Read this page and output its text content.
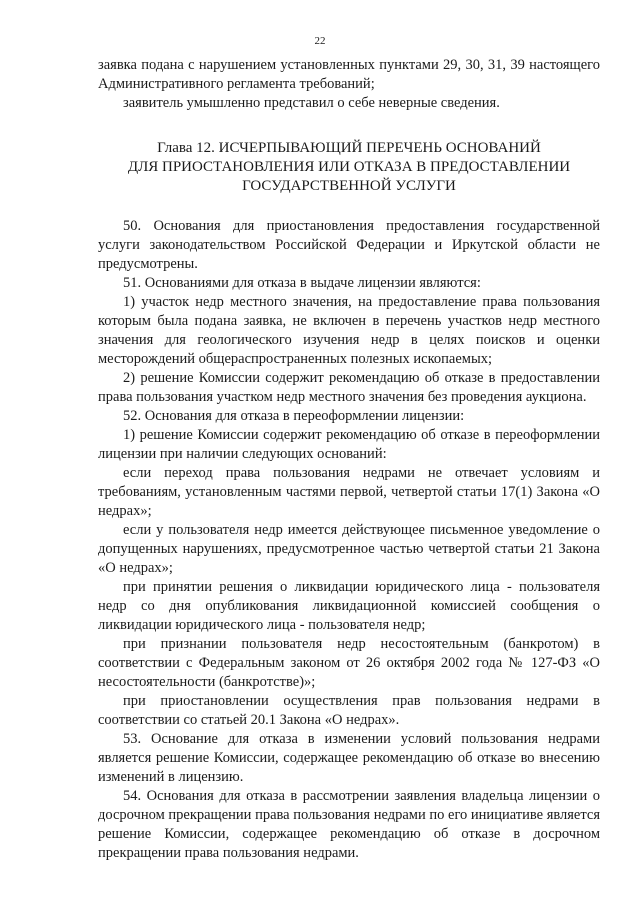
22

заявка подана с нарушением установленных пунктами 29, 30, 31, 39 настоящего Административного регламента требований;

заявитель умышленно представил о себе неверные сведения.

Глава 12. ИСЧЕРПЫВАЮЩИЙ ПЕРЕЧЕНЬ ОСНОВАНИЙ
ДЛЯ ПРИОСТАНОВЛЕНИЯ ИЛИ ОТКАЗА В ПРЕДОСТАВЛЕНИИ
ГОСУДАРСТВЕННОЙ УСЛУГИ

50. Основания для приостановления предоставления государственной услуги законодательством Российской Федерации и Иркутской области не предусмотрены.

51. Основаниями для отказа в выдаче лицензии являются:

1) участок недр местного значения, на предоставление права пользования которым была подана заявка, не включен в перечень участков недр местного значения для геологического изучения недр в целях поисков и оценки месторождений общераспространенных полезных ископаемых;

2) решение Комиссии содержит рекомендацию об отказе в предоставлении права пользования участком недр местного значения без проведения аукциона.

52. Основания для отказа в переоформлении лицензии:

1) решение Комиссии содержит рекомендацию об отказе в переоформлении лицензии при наличии следующих оснований:

если переход права пользования недрами не отвечает условиям и требованиям, установленным частями первой, четвертой статьи 17(1) Закона «О недрах»;

если у пользователя недр имеется действующее письменное уведомление о допущенных нарушениях, предусмотренное частью четвертой статьи 21 Закона «О недрах»;

при принятии решения о ликвидации юридического лица - пользователя недр со дня опубликования ликвидационной комиссией сообщения о ликвидации юридического лица - пользователя недр;

при признании пользователя недр несостоятельным (банкротом) в соответствии с Федеральным законом от 26 октября 2002 года № 127-ФЗ «О несостоятельности (банкротстве)»;

при приостановлении осуществления прав пользования недрами в соответствии со статьей 20.1 Закона «О недрах».

53. Основание для отказа в изменении условий пользования недрами является решение Комиссии, содержащее рекомендацию об отказе во внесению изменений в лицензию.

54. Основания для отказа в рассмотрении заявления владельца лицензии о досрочном прекращении права пользования недрами по его инициативе является решение Комиссии, содержащее рекомендацию об отказе в досрочном прекращении права пользования недрами.
